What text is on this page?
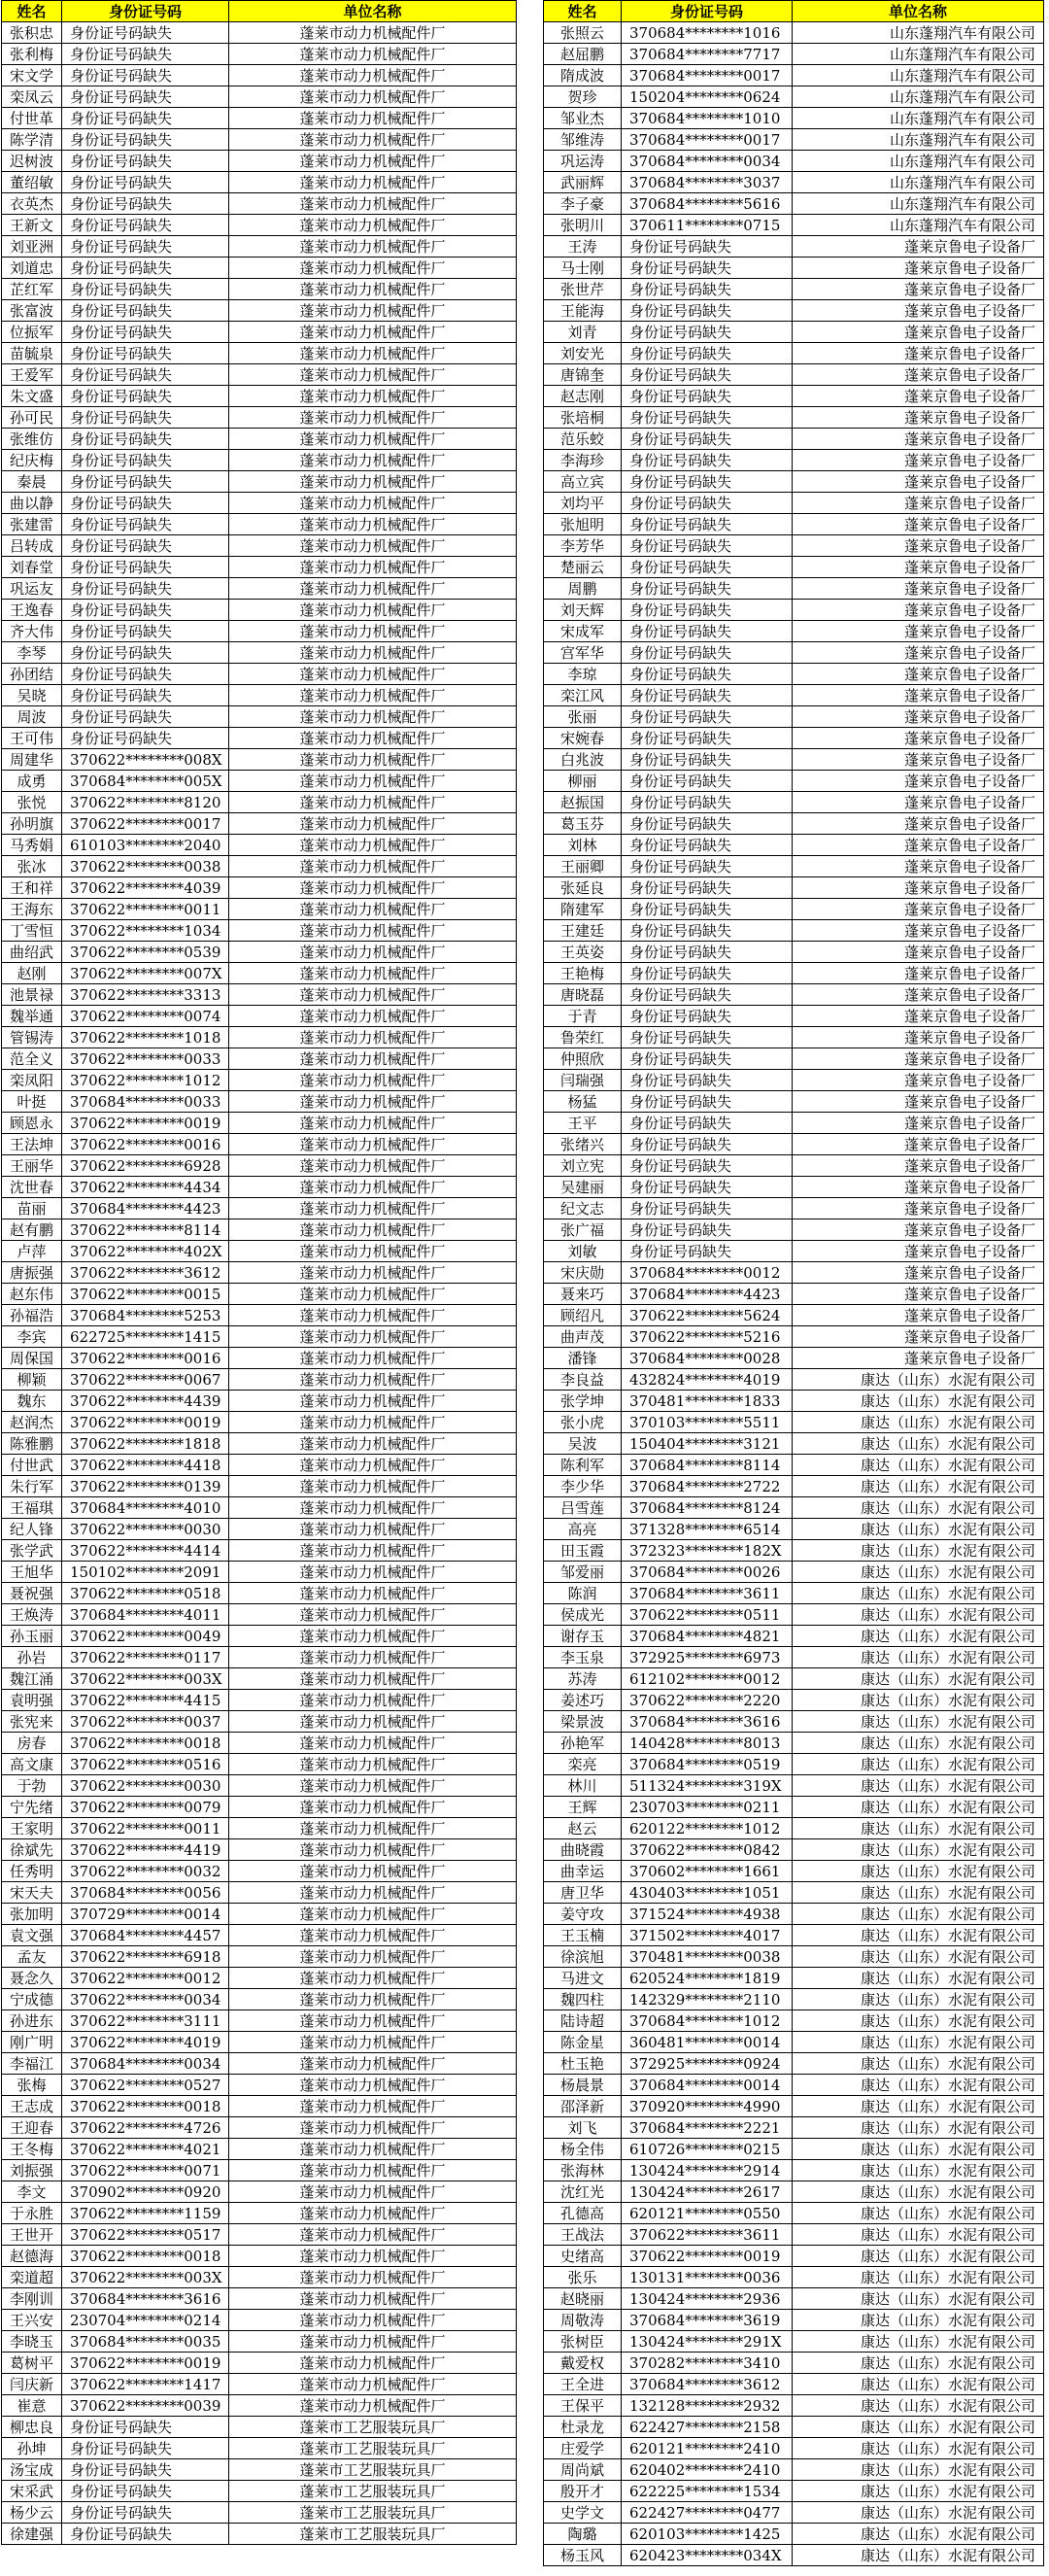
姓名	身份证号码	单位名称
张积忠	身份证号码缺失	蓬莱市动力机械配件厂
张利梅	身份证号码缺失	蓬莱市动力机械配件厂
宋文学	身份证号码缺失	蓬莱市动力机械配件厂
栾凤云	身份证号码缺失	蓬莱市动力机械配件厂
付世革	身份证号码缺失	蓬莱市动力机械配件厂
陈学清	身份证号码缺失	蓬莱市动力机械配件厂
迟树波	身份证号码缺失	蓬莱市动力机械配件厂
董绍敏	身份证号码缺失	蓬莱市动力机械配件厂
衣英杰	身份证号码缺失	蓬莱市动力机械配件厂
王新文	身份证号码缺失	蓬莱市动力机械配件厂
刘亚洲	身份证号码缺失	蓬莱市动力机械配件厂
刘道忠	身份证号码缺失	蓬莱市动力机械配件厂
芷红军	身份证号码缺失	蓬莱市动力机械配件厂
张富波	身份证号码缺失	蓬莱市动力机械配件厂
位振军	身份证号码缺失	蓬莱市动力机械配件厂
苗毓泉	身份证号码缺失	蓬莱市动力机械配件厂
王爱军	身份证号码缺失	蓬莱市动力机械配件厂
朱文盛	身份证号码缺失	蓬莱市动力机械配件厂
孙可民	身份证号码缺失	蓬莱市动力机械配件厂
张维仿	身份证号码缺失	蓬莱市动力机械配件厂
纪庆梅	身份证号码缺失	蓬莱市动力机械配件厂
秦晨	身份证号码缺失	蓬莱市动力机械配件厂
曲以静	身份证号码缺失	蓬莱市动力机械配件厂
张建雷	身份证号码缺失	蓬莱市动力机械配件厂
吕转成	身份证号码缺失	蓬莱市动力机械配件厂
刘春堂	身份证号码缺失	蓬莱市动力机械配件厂
巩运友	身份证号码缺失	蓬莱市动力机械配件厂
王逸春	身份证号码缺失	蓬莱市动力机械配件厂
齐大伟	身份证号码缺失	蓬莱市动力机械配件厂
李琴	身份证号码缺失	蓬莱市动力机械配件厂
孙团结	身份证号码缺失	蓬莱市动力机械配件厂
吴晓	身份证号码缺失	蓬莱市动力机械配件厂
周波	身份证号码缺失	蓬莱市动力机械配件厂
王可伟	身份证号码缺失	蓬莱市动力机械配件厂
周建华	370622********008X	蓬莱市动力机械配件厂
成勇	370684********005X	蓬莱市动力机械配件厂
张悦	370622********8120	蓬莱市动力机械配件厂
孙明旗	370622********0017	蓬莱市动力机械配件厂
马秀娟	610103********2040	蓬莱市动力机械配件厂
张冰	370622********0038	蓬莱市动力机械配件厂
王和祥	370622********4039	蓬莱市动力机械配件厂
王海东	370622********0011	蓬莱市动力机械配件厂
丁雪恒	370622********1034	蓬莱市动力机械配件厂
曲绍武	370622********0539	蓬莱市动力机械配件厂
赵刚	370622********007X	蓬莱市动力机械配件厂
池景禄	370622********3313	蓬莱市动力机械配件厂
魏举通	370622********0074	蓬莱市动力机械配件厂
管锡涛	370622********1018	蓬莱市动力机械配件厂
范全义	370622********0033	蓬莱市动力机械配件厂
栾凤阳	370622********1012	蓬莱市动力机械配件厂
叶挺	370684********0033	蓬莱市动力机械配件厂
顾恩永	370622********0019	蓬莱市动力机械配件厂
王法坤	370622********0016	蓬莱市动力机械配件厂
王丽华	370622********6928	蓬莱市动力机械配件厂
沈世春	370622********4434	蓬莱市动力机械配件厂
苗丽	370684********4423	蓬莱市动力机械配件厂
赵有鹏	370622********8114	蓬莱市动力机械配件厂
卢萍	370622********402X	蓬莱市动力机械配件厂
唐振强	370622********3612	蓬莱市动力机械配件厂
赵东伟	370622********0015	蓬莱市动力机械配件厂
孙福浩	370684********5253	蓬莱市动力机械配件厂
李宾	622725********1415	蓬莱市动力机械配件厂
周保国	370622********0016	蓬莱市动力机械配件厂
柳颖	370622********0067	蓬莱市动力机械配件厂
魏东	370622********4439	蓬莱市动力机械配件厂
赵润杰	370622********0019	蓬莱市动力机械配件厂
陈雅鹏	370622********1818	蓬莱市动力机械配件厂
付世武	370622********4418	蓬莱市动力机械配件厂
朱行军	370622********0139	蓬莱市动力机械配件厂
王福琪	370684********4010	蓬莱市动力机械配件厂
纪人锋	370622********0030	蓬莱市动力机械配件厂
张学武	370622********4414	蓬莱市动力机械配件厂
王旭华	150102********2091	蓬莱市动力机械配件厂
聂祝强	370622********0518	蓬莱市动力机械配件厂
王焕涛	370684********4011	蓬莱市动力机械配件厂
孙玉丽	370622********0049	蓬莱市动力机械配件厂
孙岩	370622********0117	蓬莱市动力机械配件厂
魏江涌	370622********003X	蓬莱市动力机械配件厂
袁明强	370622********4415	蓬莱市动力机械配件厂
张宪来	370622********0037	蓬莱市动力机械配件厂
房春	370622********0018	蓬莱市动力机械配件厂
高文康	370622********0516	蓬莱市动力机械配件厂
于勃	370622********0030	蓬莱市动力机械配件厂
宁先绪	370622********0079	蓬莱市动力机械配件厂
王家明	370622********0011	蓬莱市动力机械配件厂
徐斌先	370622********4419	蓬莱市动力机械配件厂
任秀明	370622********0032	蓬莱市动力机械配件厂
宋天夫	370684********0056	蓬莱市动力机械配件厂
张加明	370729********0014	蓬莱市动力机械配件厂
袁文强	370684********4457	蓬莱市动力机械配件厂
孟友	370622********6918	蓬莱市动力机械配件厂
聂念久	370622********0012	蓬莱市动力机械配件厂
宁成德	370622********0034	蓬莱市动力机械配件厂
孙进东	370622********3111	蓬莱市动力机械配件厂
刚广明	370622********4019	蓬莱市动力机械配件厂
李福江	370684********0034	蓬莱市动力机械配件厂
张梅	370622********0527	蓬莱市动力机械配件厂
王志成	370622********0018	蓬莱市动力机械配件厂
王迎春	370622********4726	蓬莱市动力机械配件厂
王冬梅	370622********4021	蓬莱市动力机械配件厂
刘振强	370622********0071	蓬莱市动力机械配件厂
李文	370902********0920	蓬莱市动力机械配件厂
于永胜	370622********1159	蓬莱市动力机械配件厂
王世开	370622********0517	蓬莱市动力机械配件厂
赵德海	370622********0018	蓬莱市动力机械配件厂
栾道超	370622********003X	蓬莱市动力机械配件厂
李刚训	370684********3616	蓬莱市动力机械配件厂
王兴安	230704********0214	蓬莱市动力机械配件厂
李晓玉	370684********0035	蓬莱市动力机械配件厂
葛树平	370622********0019	蓬莱市动力机械配件厂
闫庆新	370622********1417	蓬莱市动力机械配件厂
崔意	370622********0039	蓬莱市动力机械配件厂
柳忠良	身份证号码缺失	蓬莱市工艺服装玩具厂
孙坤	身份证号码缺失	蓬莱市工艺服装玩具厂
汤宝成	身份证号码缺失	蓬莱市工艺服装玩具厂
宋采武	身份证号码缺失	蓬莱市工艺服装玩具厂
杨少云	身份证号码缺失	蓬莱市工艺服装玩具厂
徐建强	身份证号码缺失	蓬莱市工艺服装玩具厂
姓名	身份证号码	单位名称
张照云	370684********1016	山东蓬翔汽车有限公司
赵屈鹏	370684********7717	山东蓬翔汽车有限公司
隋成波	370684********0017	山东蓬翔汽车有限公司
贺珍	150204********0624	山东蓬翔汽车有限公司
邹业杰	370684********1010	山东蓬翔汽车有限公司
邹维涛	370684********0017	山东蓬翔汽车有限公司
巩运涛	370684********0034	山东蓬翔汽车有限公司
武丽辉	370684********3037	山东蓬翔汽车有限公司
李子豪	370684********5616	山东蓬翔汽车有限公司
张明川	370611********0715	山东蓬翔汽车有限公司
王涛	身份证号码缺失	蓬莱京鲁电子设备厂
马士刚	身份证号码缺失	蓬莱京鲁电子设备厂
张世芹	身份证号码缺失	蓬莱京鲁电子设备厂
王能海	身份证号码缺失	蓬莱京鲁电子设备厂
刘青	身份证号码缺失	蓬莱京鲁电子设备厂
刘安光	身份证号码缺失	蓬莱京鲁电子设备厂
唐锦奎	身份证号码缺失	蓬莱京鲁电子设备厂
赵志刚	身份证号码缺失	蓬莱京鲁电子设备厂
张培桐	身份证号码缺失	蓬莱京鲁电子设备厂
范乐蛟	身份证号码缺失	蓬莱京鲁电子设备厂
李海珍	身份证号码缺失	蓬莱京鲁电子设备厂
高立宾	身份证号码缺失	蓬莱京鲁电子设备厂
刘均平	身份证号码缺失	蓬莱京鲁电子设备厂
张旭明	身份证号码缺失	蓬莱京鲁电子设备厂
李芳华	身份证号码缺失	蓬莱京鲁电子设备厂
楚丽云	身份证号码缺失	蓬莱京鲁电子设备厂
周鹏	身份证号码缺失	蓬莱京鲁电子设备厂
刘天辉	身份证号码缺失	蓬莱京鲁电子设备厂
宋成军	身份证号码缺失	蓬莱京鲁电子设备厂
宫军华	身份证号码缺失	蓬莱京鲁电子设备厂
李琼	身份证号码缺失	蓬莱京鲁电子设备厂
栾江风	身份证号码缺失	蓬莱京鲁电子设备厂
张丽	身份证号码缺失	蓬莱京鲁电子设备厂
宋婉春	身份证号码缺失	蓬莱京鲁电子设备厂
白兆波	身份证号码缺失	蓬莱京鲁电子设备厂
柳丽	身份证号码缺失	蓬莱京鲁电子设备厂
赵振国	身份证号码缺失	蓬莱京鲁电子设备厂
葛玉芬	身份证号码缺失	蓬莱京鲁电子设备厂
刘林	身份证号码缺失	蓬莱京鲁电子设备厂
王丽卿	身份证号码缺失	蓬莱京鲁电子设备厂
张延良	身份证号码缺失	蓬莱京鲁电子设备厂
隋建军	身份证号码缺失	蓬莱京鲁电子设备厂
王建廷	身份证号码缺失	蓬莱京鲁电子设备厂
王英姿	身份证号码缺失	蓬莱京鲁电子设备厂
王艳梅	身份证号码缺失	蓬莱京鲁电子设备厂
唐晓磊	身份证号码缺失	蓬莱京鲁电子设备厂
于青	身份证号码缺失	蓬莱京鲁电子设备厂
鲁荣红	身份证号码缺失	蓬莱京鲁电子设备厂
仲照欣	身份证号码缺失	蓬莱京鲁电子设备厂
闫瑞强	身份证号码缺失	蓬莱京鲁电子设备厂
杨猛	身份证号码缺失	蓬莱京鲁电子设备厂
王平	身份证号码缺失	蓬莱京鲁电子设备厂
张绪兴	身份证号码缺失	蓬莱京鲁电子设备厂
刘立宪	身份证号码缺失	蓬莱京鲁电子设备厂
吴建丽	身份证号码缺失	蓬莱京鲁电子设备厂
纪文志	身份证号码缺失	蓬莱京鲁电子设备厂
张广福	身份证号码缺失	蓬莱京鲁电子设备厂
刘敏	身份证号码缺失	蓬莱京鲁电子设备厂
宋庆勋	370684********0012	蓬莱京鲁电子设备厂
聂来巧	370684********4423	蓬莱京鲁电子设备厂
顾绍凡	370622********5624	蓬莱京鲁电子设备厂
曲声茂	370622********5216	蓬莱京鲁电子设备厂
潘锋	370684********0028	蓬莱京鲁电子设备厂
李良益	432824********4019	康达（山东）水泥有限公司
张学坤	370481********1833	康达（山东）水泥有限公司
张小虎	370103********5511	康达（山东）水泥有限公司
吴波	150404********3121	康达（山东）水泥有限公司
陈利军	370684********8114	康达（山东）水泥有限公司
李少华	370684********2722	康达（山东）水泥有限公司
吕雪莲	370684********8124	康达（山东）水泥有限公司
高亮	371328********6514	康达（山东）水泥有限公司
田玉霞	372323********182X	康达（山东）水泥有限公司
邹爱丽	370684********0026	康达（山东）水泥有限公司
陈润	370684********3611	康达（山东）水泥有限公司
侯成光	370622********0511	康达（山东）水泥有限公司
谢存玉	370684********4821	康达（山东）水泥有限公司
李玉泉	372925********6973	康达（山东）水泥有限公司
苏涛	612102********0012	康达（山东）水泥有限公司
姜述巧	370622********2220	康达（山东）水泥有限公司
梁景波	370684********3616	康达（山东）水泥有限公司
孙艳军	140428********8013	康达（山东）水泥有限公司
栾亮	370684********0519	康达（山东）水泥有限公司
林川	511324********319X	康达（山东）水泥有限公司
王辉	230703********0211	康达（山东）水泥有限公司
赵云	620122********1012	康达（山东）水泥有限公司
曲晓霞	370622********0842	康达（山东）水泥有限公司
曲幸运	370602********1661	康达（山东）水泥有限公司
唐卫华	430403********1051	康达（山东）水泥有限公司
姜守攻	371524********4938	康达（山东）水泥有限公司
王玉楠	371502********4017	康达（山东）水泥有限公司
徐滨旭	370481********0038	康达（山东）水泥有限公司
马进文	620524********1819	康达（山东）水泥有限公司
魏四柱	142329********2110	康达（山东）水泥有限公司
陆诗超	370684********1012	康达（山东）水泥有限公司
陈金星	360481********0014	康达（山东）水泥有限公司
杜玉艳	372925********0924	康达（山东）水泥有限公司
杨晨景	370684********0014	康达（山东）水泥有限公司
邵泽新	370920********4990	康达（山东）水泥有限公司
刘飞	370684********2221	康达（山东）水泥有限公司
杨全伟	610726********0215	康达（山东）水泥有限公司
张海林	130424********2914	康达（山东）水泥有限公司
沈红光	130424********2617	康达（山东）水泥有限公司
孔德高	620121********0550	康达（山东）水泥有限公司
王战法	370622********3611	康达（山东）水泥有限公司
史绪高	370622********0019	康达（山东）水泥有限公司
张乐	130131********0036	康达（山东）水泥有限公司
赵晓丽	130424********2936	康达（山东）水泥有限公司
周敬涛	370684********3619	康达（山东）水泥有限公司
张树臣	130424********291X	康达（山东）水泥有限公司
戴爱权	370282********3410	康达（山东）水泥有限公司
王全进	370684********3612	康达（山东）水泥有限公司
王保平	132128********2932	康达（山东）水泥有限公司
杜录龙	622427********2158	康达（山东）水泥有限公司
庄爱学	620121********2410	康达（山东）水泥有限公司
周尚斌	620402********2410	康达（山东）水泥有限公司
殷开才	622225********1534	康达（山东）水泥有限公司
史学文	622427********0477	康达（山东）水泥有限公司
陶璐	620103********1425	康达（山东）水泥有限公司
杨玉风	620423********034X	康达（山东）水泥有限公司
